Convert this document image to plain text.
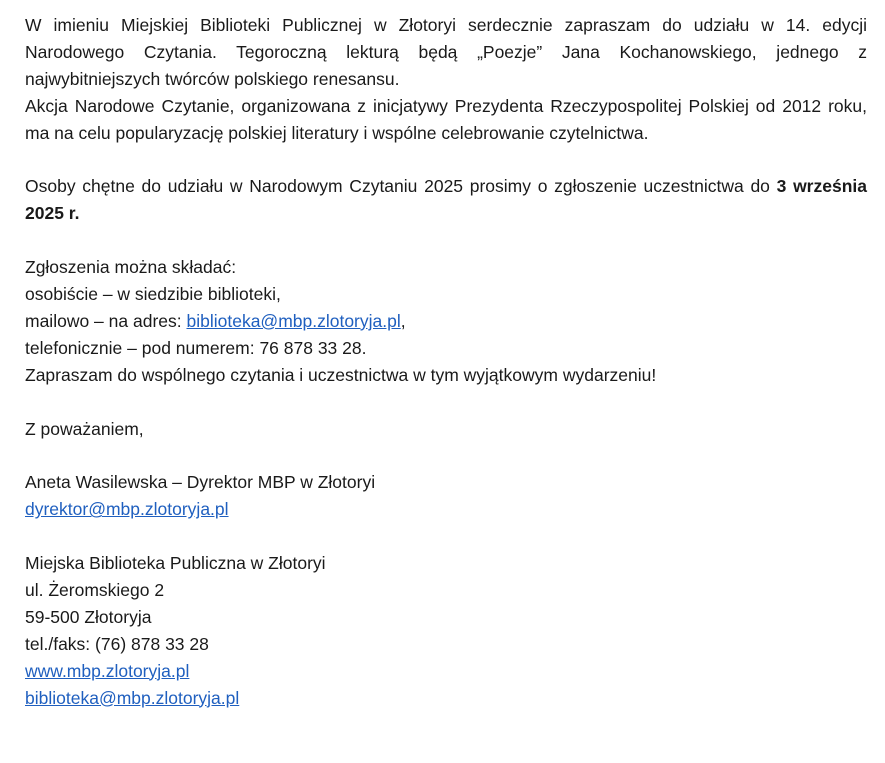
W imieniu Miejskiej Biblioteki Publicznej w Złotoryi serdecznie zapraszam do udziału w 14. edycji Narodowego Czytania. Tegoroczną lekturą będą „Poezje” Jana Kochanowskiego, jednego z najwybitniejszych twórców polskiego renesansu.

Akcja Narodowe Czytanie, organizowana z inicjatywy Prezydenta Rzeczypospolitej Polskiej od 2012 roku, ma na celu popularyzację polskiej literatury i wspólne celebrowanie czytelnictwa.

Osoby chętne do udziału w Narodowym Czytaniu 2025 prosimy o zgłoszenie uczestnictwa do 3 września 2025 r.

Zgłoszenia można składać:
osobiście – w siedzibie biblioteki,
mailowo – na adres: biblioteka@mbp.zlotoryja.pl,
telefonicznie – pod numerem: 76 878 33 28.
Zapraszam do wspólnego czytania i uczestnictwa w tym wyjątkowym wydarzeniu!
Z poważaniem,
Aneta Wasilewska – Dyrektor MBP w Złotoryi
dyrektor@mbp.zlotoryja.pl
Miejska Biblioteka Publiczna w Złotoryi
ul. Żeromskiego 2
59-500 Złotoryja
tel./faks: (76) 878 33 28
www.mbp.zlotoryja.pl
biblioteka@mbp.zlotoryja.pl
